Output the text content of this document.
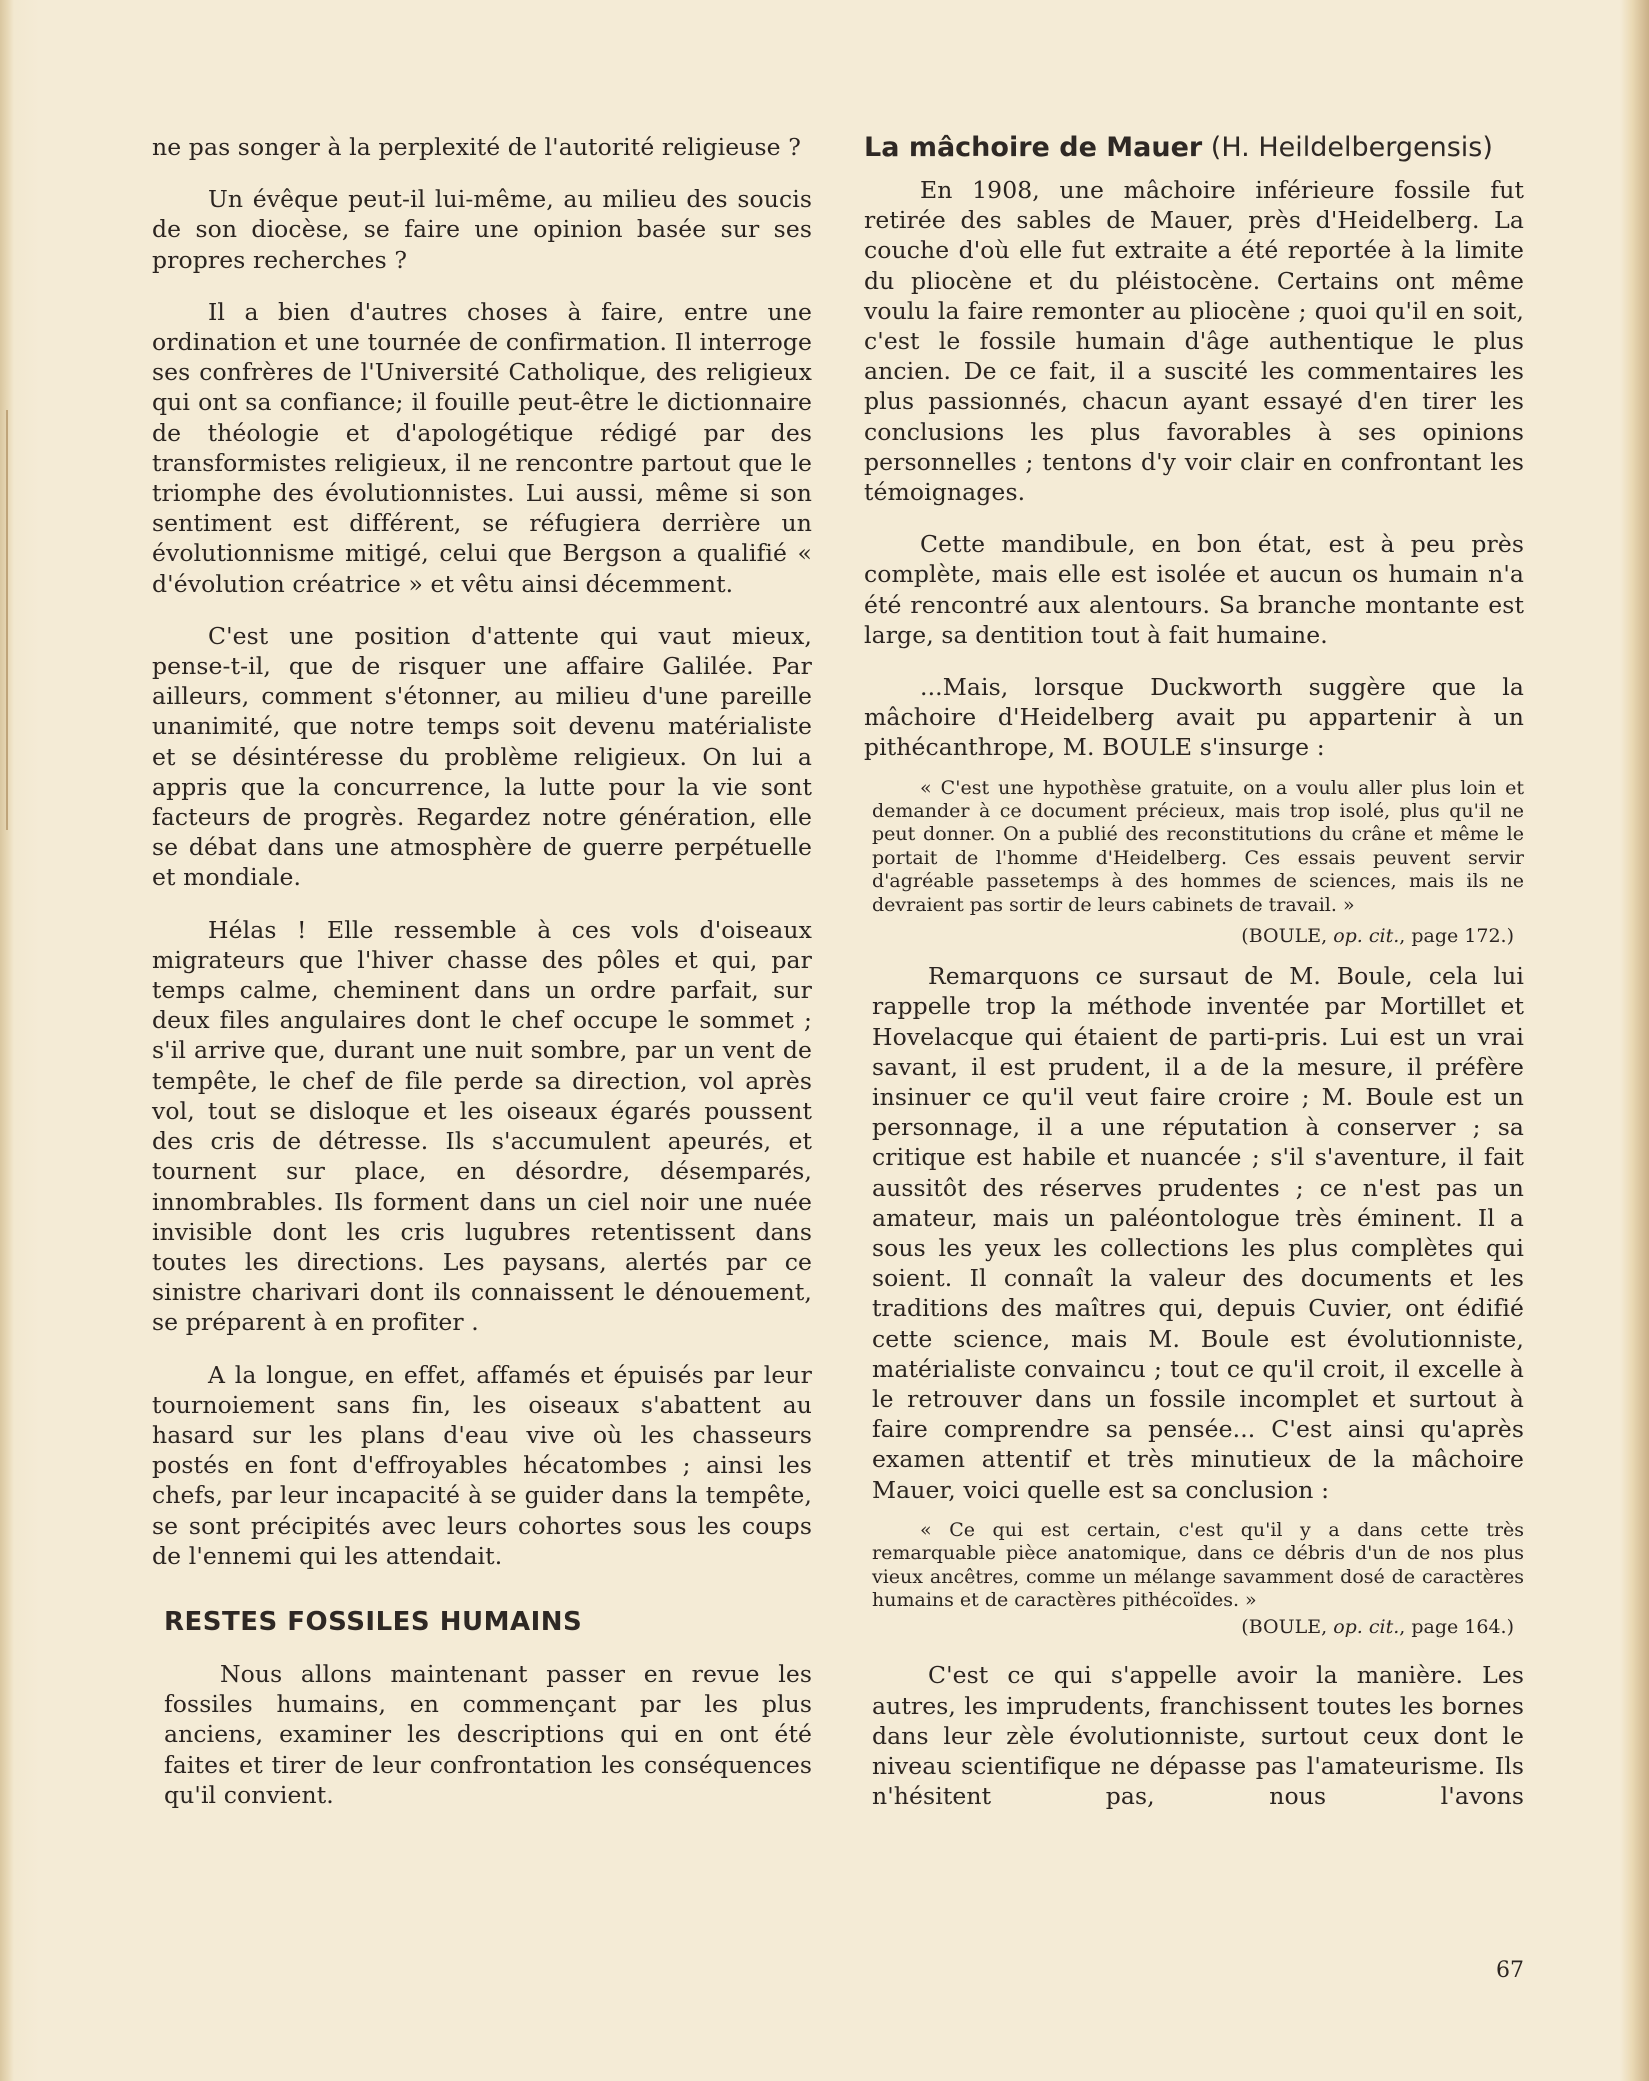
ne pas songer à la perplexité de l'autorité religieuse ?

Un évêque peut-il lui-même, au milieu des soucis de son diocèse, se faire une opinion basée sur ses propres recherches ?

Il a bien d'autres choses à faire, entre une ordination et une tournée de confirmation. Il interroge ses confrères de l'Université Catholique, des religieux qui ont sa confiance; il fouille peut-être le dictionnaire de théologie et d'apologétique rédigé par des transformistes religieux, il ne rencontre partout que le triomphe des évolutionnistes. Lui aussi, même si son sentiment est différent, se réfugiera derrière un évolutionnisme mitigé, celui que Bergson a qualifié « d'évolution créatrice » et vêtu ainsi décemment.

C'est une position d'attente qui vaut mieux, pense-t-il, que de risquer une affaire Galilée. Par ailleurs, comment s'étonner, au milieu d'une pareille unanimité, que notre temps soit devenu matérialiste et se désintéresse du problème religieux. On lui a appris que la concurrence, la lutte pour la vie sont facteurs de progrès. Regardez notre génération, elle se débat dans une atmosphère de guerre perpétuelle et mondiale.

Hélas ! Elle ressemble à ces vols d'oiseaux migrateurs que l'hiver chasse des pôles et qui, par temps calme, cheminent dans un ordre parfait, sur deux files angulaires dont le chef occupe le sommet ; s'il arrive que, durant une nuit sombre, par un vent de tempête, le chef de file perde sa direction, vol après vol, tout se disloque et les oiseaux égarés poussent des cris de détresse. Ils s'accumulent apeurés, et tournent sur place, en désordre, désemparés, innombrables. Ils forment dans un ciel noir une nuée invisible dont les cris lugubres retentissent dans toutes les directions. Les paysans, alertés par ce sinistre charivari dont ils connaissent le dénouement, se préparent à en profiter .

A la longue, en effet, affamés et épuisés par leur tournoiement sans fin, les oiseaux s'abattent au hasard sur les plans d'eau vive où les chasseurs postés en font d'effroyables hécatombes ; ainsi les chefs, par leur incapacité à se guider dans la tempête, se sont précipités avec leurs cohortes sous les coups de l'ennemi qui les attendait.

RESTES FOSSILES HUMAINS

Nous allons maintenant passer en revue les fossiles humains, en commençant par les plus anciens, examiner les descriptions qui en ont été faites et tirer de leur confrontation les conséquences qu'il convient.

La mâchoire de Mauer (H. Heildelbergensis)

En 1908, une mâchoire inférieure fossile fut retirée des sables de Mauer, près d'Heidelberg. La couche d'où elle fut extraite a été reportée à la limite du pliocène et du pléistocène. Certains ont même voulu la faire remonter au pliocène ; quoi qu'il en soit, c'est le fossile humain d'âge authentique le plus ancien. De ce fait, il a suscité les commentaires les plus passionnés, chacun ayant essayé d'en tirer les conclusions les plus favorables à ses opinions personnelles ; tentons d'y voir clair en confrontant les témoignages.

Cette mandibule, en bon état, est à peu près complète, mais elle est isolée et aucun os humain n'a été rencontré aux alentours. Sa branche montante est large, sa dentition tout à fait humaine.

...Mais, lorsque Duckworth suggère que la mâchoire d'Heidelberg avait pu appartenir à un pithécanthrope, M. BOULE s'insurge :

« C'est une hypothèse gratuite, on a voulu aller plus loin et demander à ce document précieux, mais trop isolé, plus qu'il ne peut donner. On a publié des reconstitutions du crâne et même le portait de l'homme d'Heidelberg. Ces essais peuvent servir d'agréable passetemps à des hommes de sciences, mais ils ne devraient pas sortir de leurs cabinets de travail. »

(BOULE, op. cit., page 172.)

Remarquons ce sursaut de M. Boule, cela lui rappelle trop la méthode inventée par Mortillet et Hovelacque qui étaient de parti-pris. Lui est un vrai savant, il est prudent, il a de la mesure, il préfère insinuer ce qu'il veut faire croire ; M. Boule est un personnage, il a une réputation à conserver ; sa critique est habile et nuancée ; s'il s'aventure, il fait aussitôt des réserves prudentes ; ce n'est pas un amateur, mais un paléontologue très éminent. Il a sous les yeux les collections les plus complètes qui soient. Il connaît la valeur des documents et les traditions des maîtres qui, depuis Cuvier, ont édifié cette science, mais M. Boule est évolutionniste, matérialiste convaincu ; tout ce qu'il croit, il excelle à le retrouver dans un fossile incomplet et surtout à faire comprendre sa pensée... C'est ainsi qu'après examen attentif et très minutieux de la mâchoire Mauer, voici quelle est sa conclusion :

« Ce qui est certain, c'est qu'il y a dans cette très remarquable pièce anatomique, dans ce débris d'un de nos plus vieux ancêtres, comme un mélange savamment dosé de caractères humains et de caractères pithécoïdes. »

(BOULE, op. cit., page 164.)

C'est ce qui s'appelle avoir la manière. Les autres, les imprudents, franchissent toutes les bornes dans leur zèle évolutionniste, surtout ceux dont le niveau scientifique ne dépasse pas l'amateurisme. Ils n'hésitent pas, nous l'avons

67
